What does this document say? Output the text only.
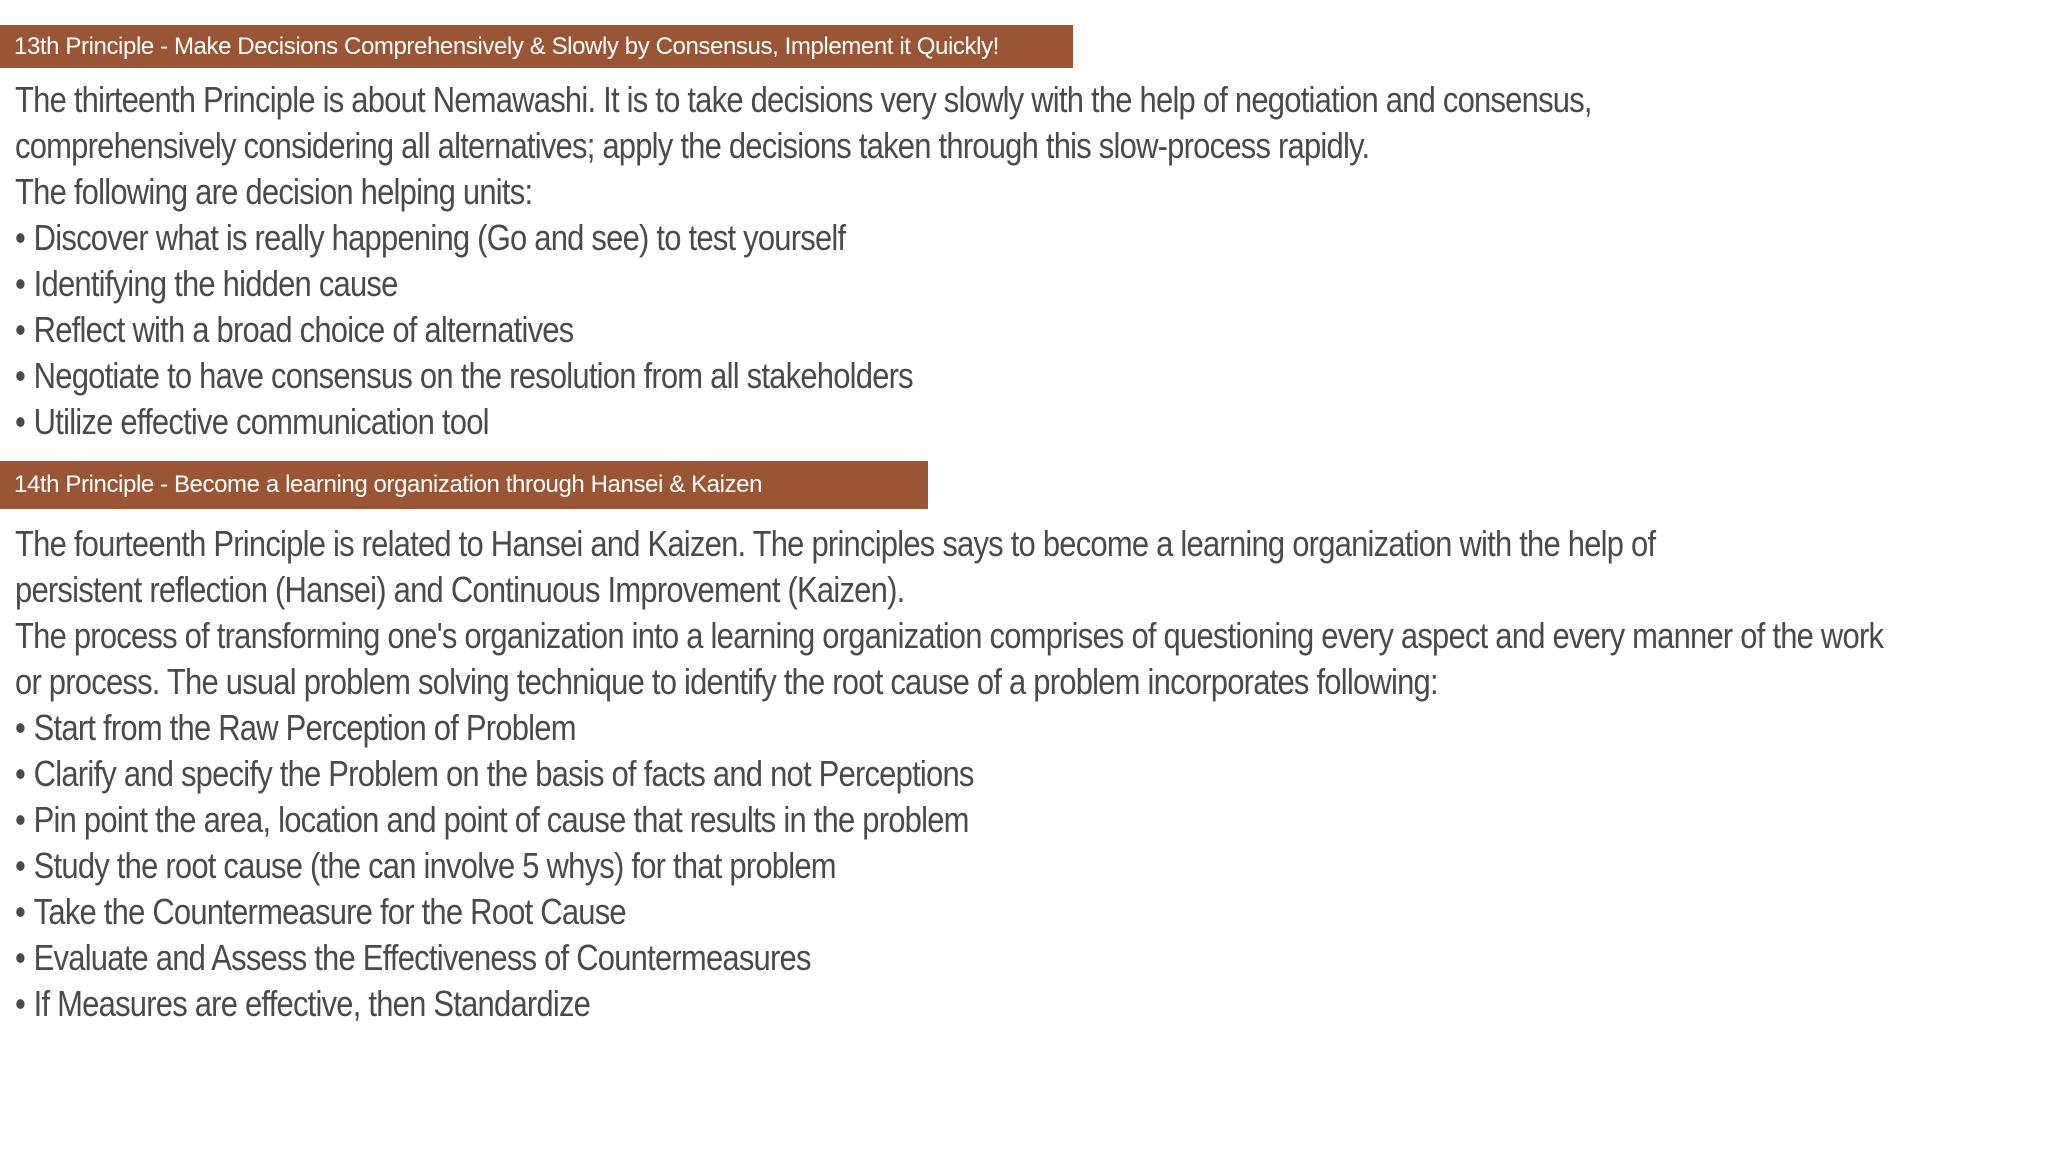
13th Principle - Make Decisions Comprehensively & Slowly by Consensus, Implement it Quickly!

The thirteenth Principle is about Nemawashi. It is to take decisions very slowly with the help of negotiation and consensus,

comprehensively considering all alternatives; apply the decisions taken through this slow-process rapidly.

The following are decision helping units:

• Discover what is really happening (Go and see) to test yourself
• Identifying the hidden cause
• Reflect with a broad choice of alternatives
• Negotiate to have consensus on the resolution from all stakeholders
• Utilize effective communication tool
14th Principle - Become a learning organization through Hansei & Kaizen

The fourteenth Principle is related to Hansei and Kaizen. The principles says to become a learning organization with the help of

persistent reflection (Hansei) and Continuous Improvement (Kaizen).

The process of transforming one's organization into a learning organization comprises of questioning every aspect and every manner of the work

or process. The usual problem solving technique to identify the root cause of a problem incorporates following:

• Start from the Raw Perception of Problem
• Clarify and specify the Problem on the basis of facts and not Perceptions
• Pin point the area, location and point of cause that results in the problem
• Study the root cause (the can involve 5 whys) for that problem
• Take the Countermeasure for the Root Cause
• Evaluate and Assess the Effectiveness of Countermeasures
• If Measures are effective, then Standardize
